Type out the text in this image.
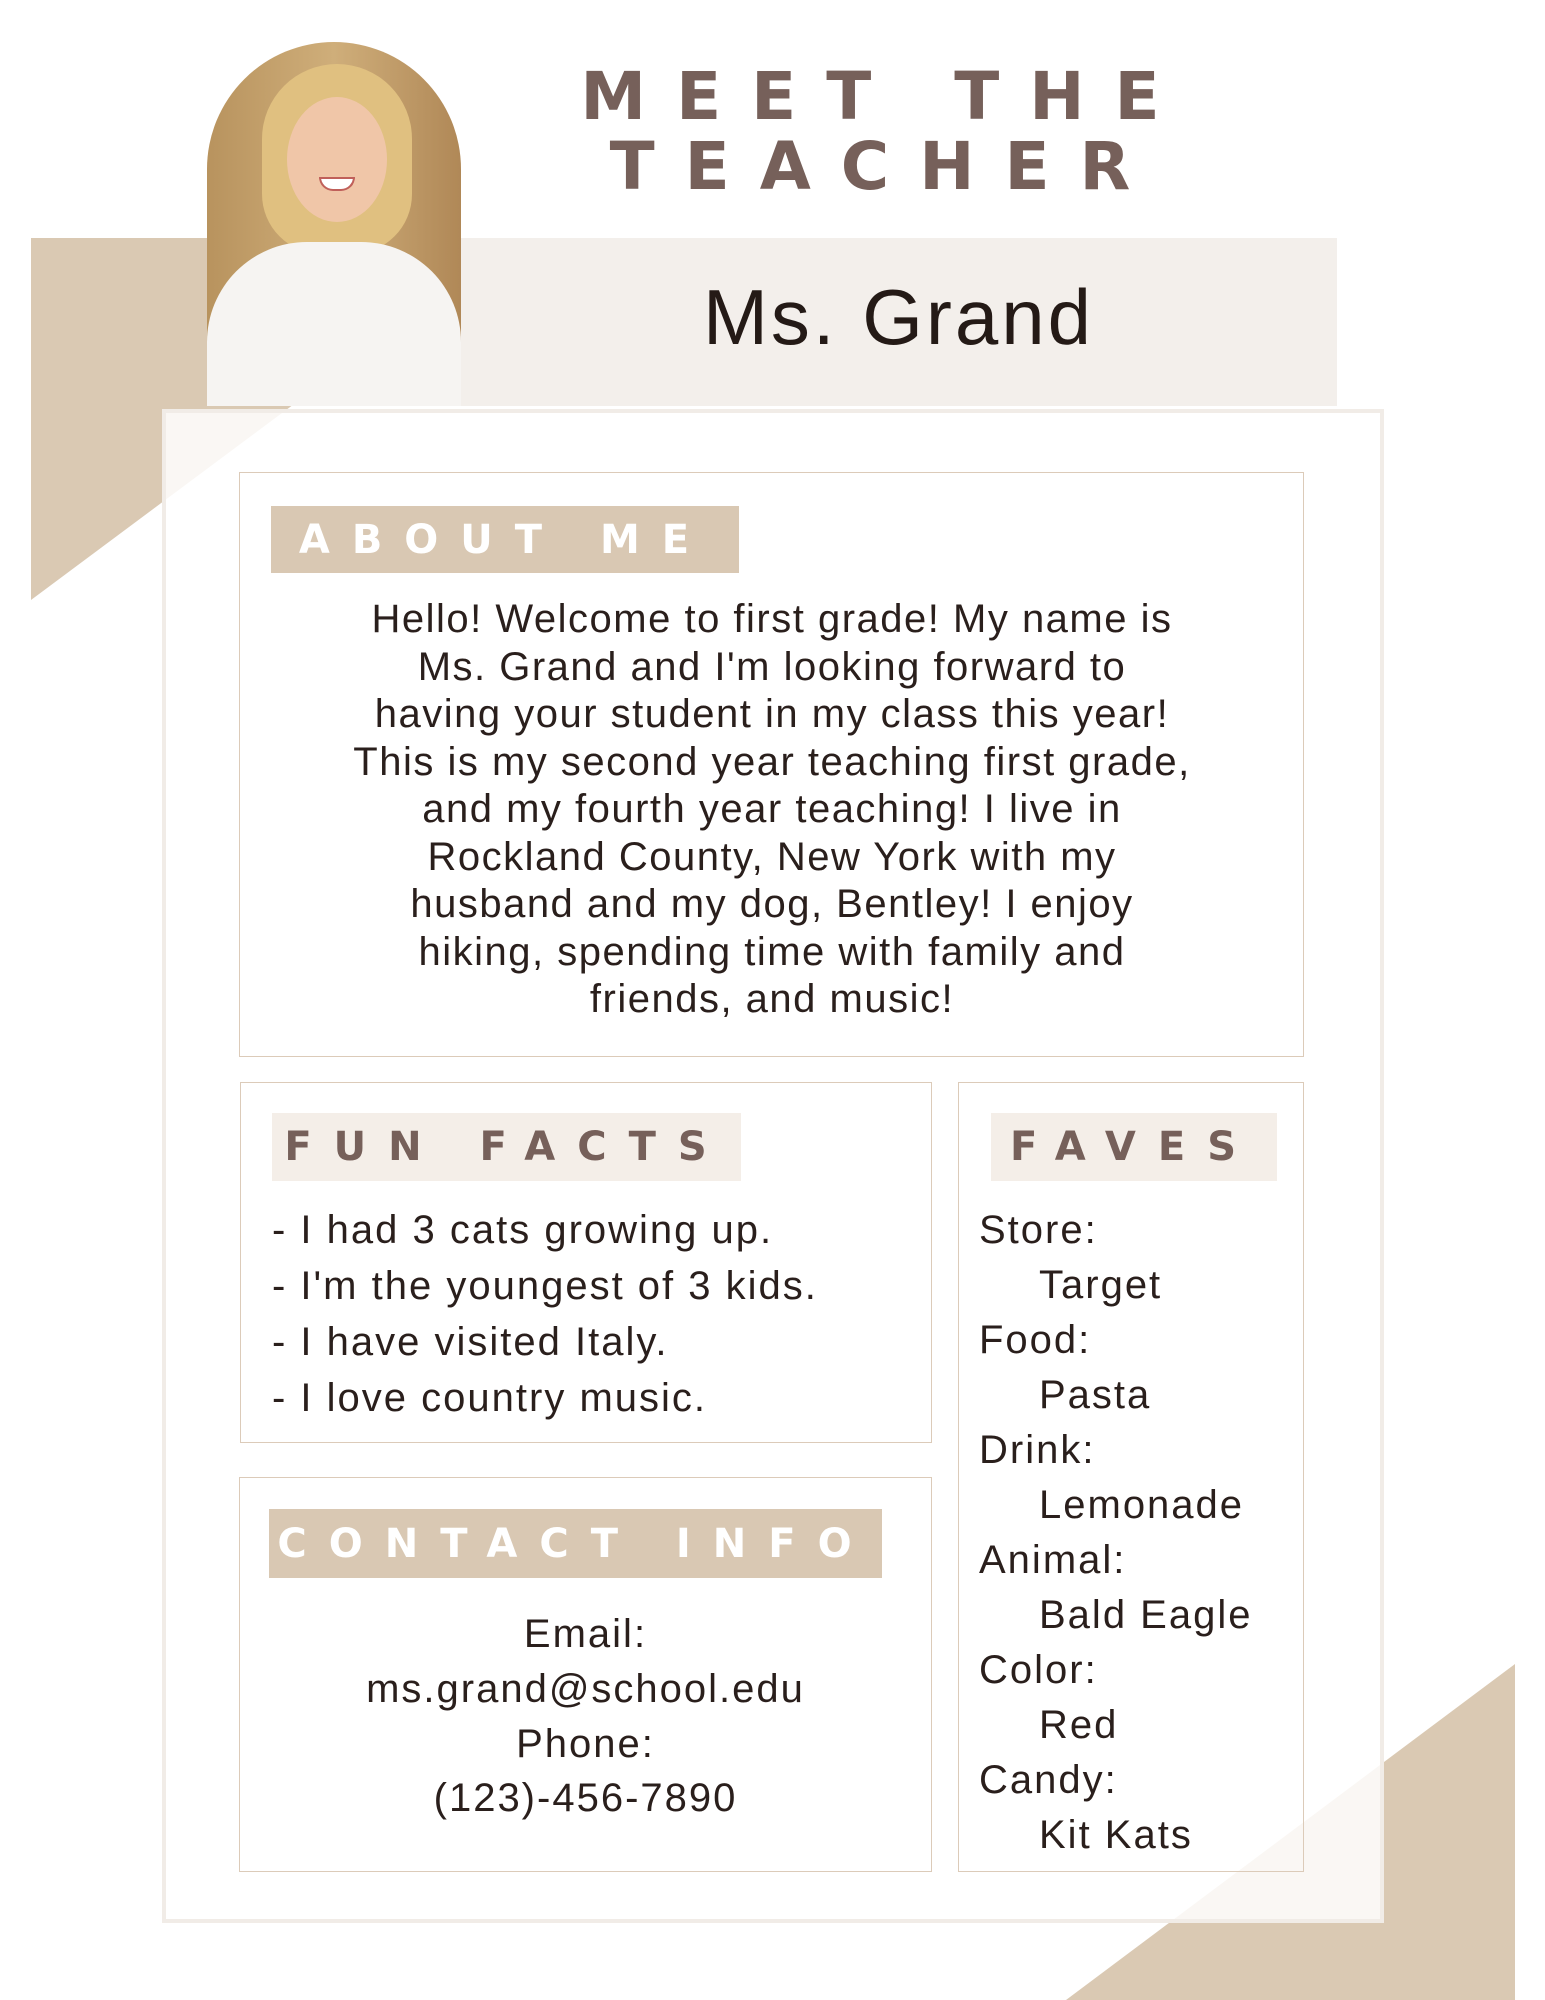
MEET THE
TEACHER
Ms. Grand
ABOUT ME
Hello! Welcome to first grade! My name is
Ms. Grand and I'm looking forward to
having your student in my class this year!
This is my second year teaching first grade,
and my fourth year teaching! I live in
Rockland County, New York with my
husband and my dog, Bentley! I enjoy
hiking, spending time with family and
friends, and music!
FUN FACTS
- I had 3 cats growing up.
- I'm the youngest of 3 kids.
- I have visited Italy.
- I love country music.
FAVES
Store:
Target
Food:
Pasta
Drink:
Lemonade
Animal:
Bald Eagle
Color:
Red
Candy:
Kit Kats
CONTACT INFO
Email:
ms.grand@school.edu
Phone:
(123)-456-7890
